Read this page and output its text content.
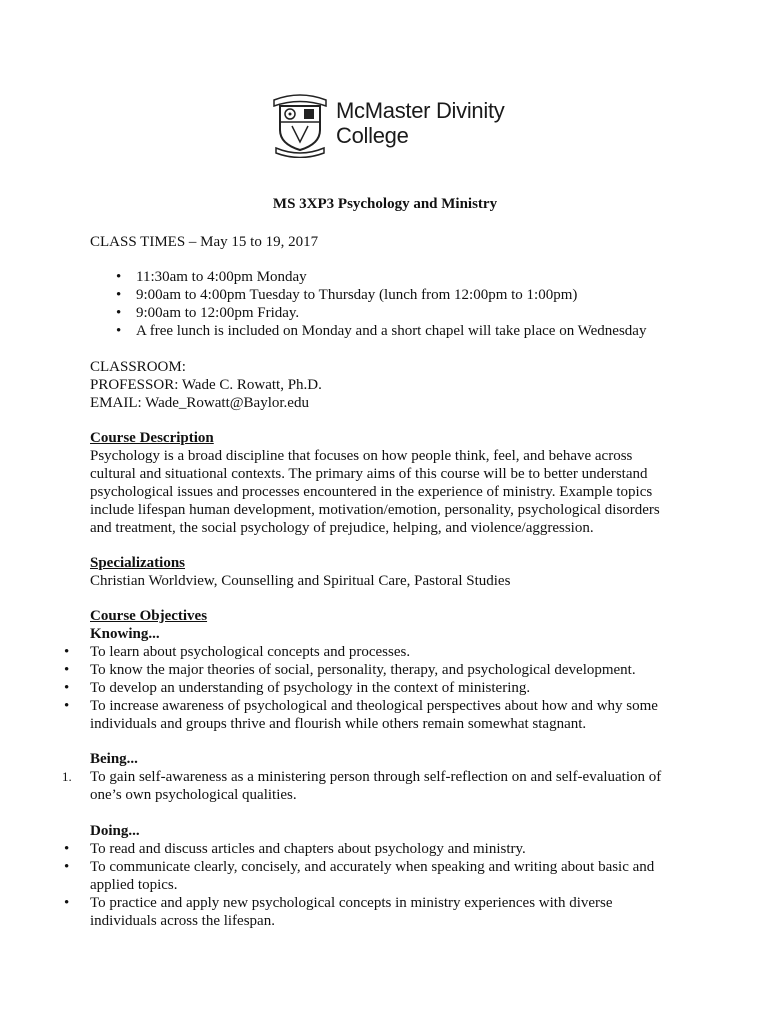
McMaster Divinity
College
MS 3XP3 Psychology and Ministry
CLASS TIMES – May 15 to 19, 2017
• 11:30am to 4:00pm Monday
• 9:00am to 4:00pm Tuesday to Thursday (lunch from 12:00pm to 1:00pm)
• 9:00am to 12:00pm Friday.
• A free lunch is included on Monday and a short chapel will take place on Wednesday
CLASSROOM:
PROFESSOR: Wade C. Rowatt, Ph.D.
EMAIL: Wade_Rowatt@Baylor.edu
Course Description
Psychology is a broad discipline that focuses on how people think, feel, and behave across
cultural and situational contexts. The primary aims of this course will be to better understand
psychological issues and processes encountered in the experience of ministry. Example topics
include lifespan human development, motivation/emotion, personality, psychological disorders
and treatment, the social psychology of prejudice, helping, and violence/aggression.
Specializations
Christian Worldview, Counselling and Spiritual Care, Pastoral Studies
Course Objectives
Knowing...
• To learn about psychological concepts and processes.
• To know the major theories of social, personality, therapy, and psychological development.
• To develop an understanding of psychology in the context of ministering.
• To increase awareness of psychological and theological perspectives about how and why some individuals and groups thrive and flourish while others remain somewhat stagnant.
Being...
1. To gain self-awareness as a ministering person through self-reflection on and self-evaluation of one’s own psychological qualities.
Doing...
• To read and discuss articles and chapters about psychology and ministry.
• To communicate clearly, concisely, and accurately when speaking and writing about basic and applied topics.
• To practice and apply new psychological concepts in ministry experiences with diverse individuals across the lifespan.
